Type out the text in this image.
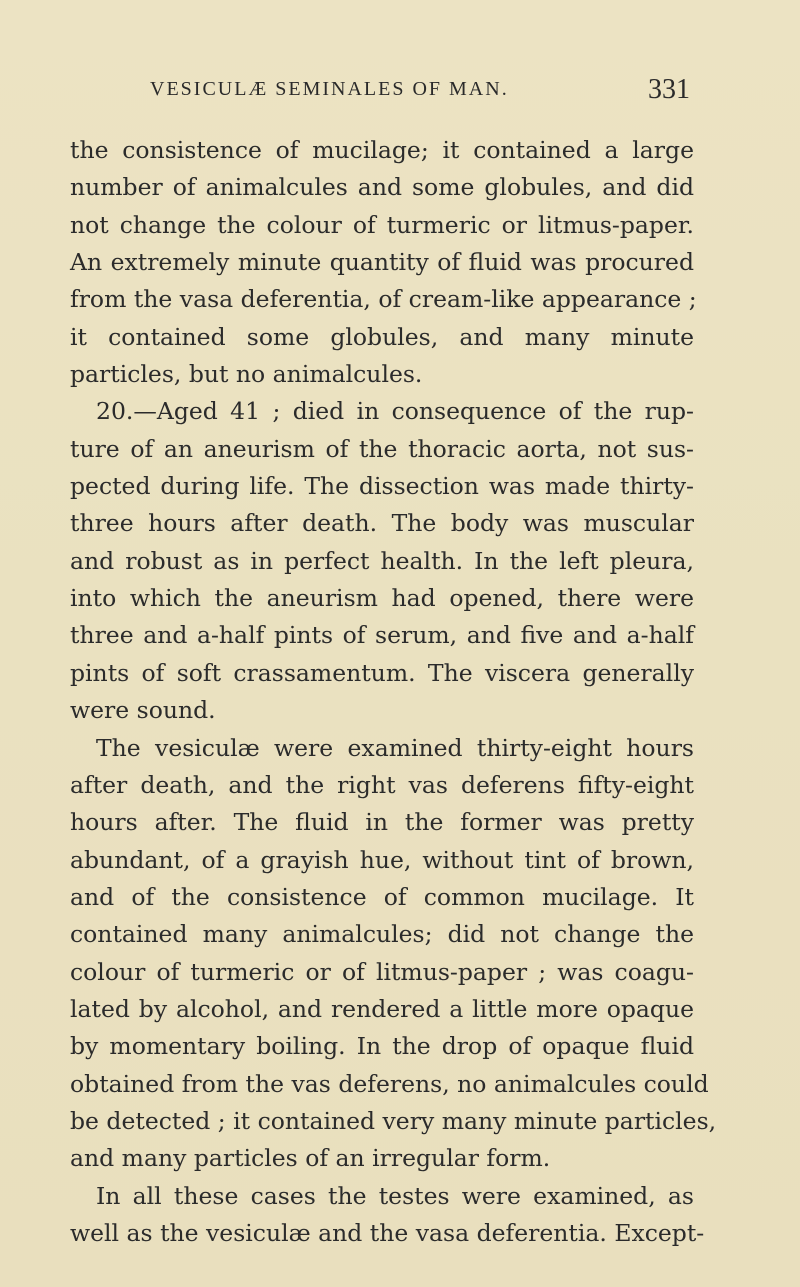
VESICULÆ SEMINALES OF MAN.	331
the consistence of mucilage; it contained a large
number of animalcules and some globules, and did
not change the colour of turmeric or litmus-paper.
An extremely minute quantity of fluid was procured
from the vasa deferentia, of cream-like appearance ;
it contained some globules, and many minute
particles, but no animalcules.
20.—Aged 41 ; died in consequence of the rup-
ture of an aneurism of the thoracic aorta, not sus-
pected during life. The dissection was made thirty-
three hours after death. The body was muscular
and robust as in perfect health. In the left pleura,
into which the aneurism had opened, there were
three and a-half pints of serum, and five and a-half
pints of soft crassamentum. The viscera generally
were sound.
The vesiculæ were examined thirty-eight hours
after death, and the right vas deferens fifty-eight
hours after. The fluid in the former was pretty
abundant, of a grayish hue, without tint of brown,
and of the consistence of common mucilage. It
contained many animalcules; did not change the
colour of turmeric or of litmus-paper ; was coagu-
lated by alcohol, and rendered a little more opaque
by momentary boiling. In the drop of opaque fluid
obtained from the vas deferens, no animalcules could
be detected ; it contained very many minute particles,
and many particles of an irregular form.
In all these cases the testes were examined, as
well as the vesiculæ and the vasa deferentia. Except-
